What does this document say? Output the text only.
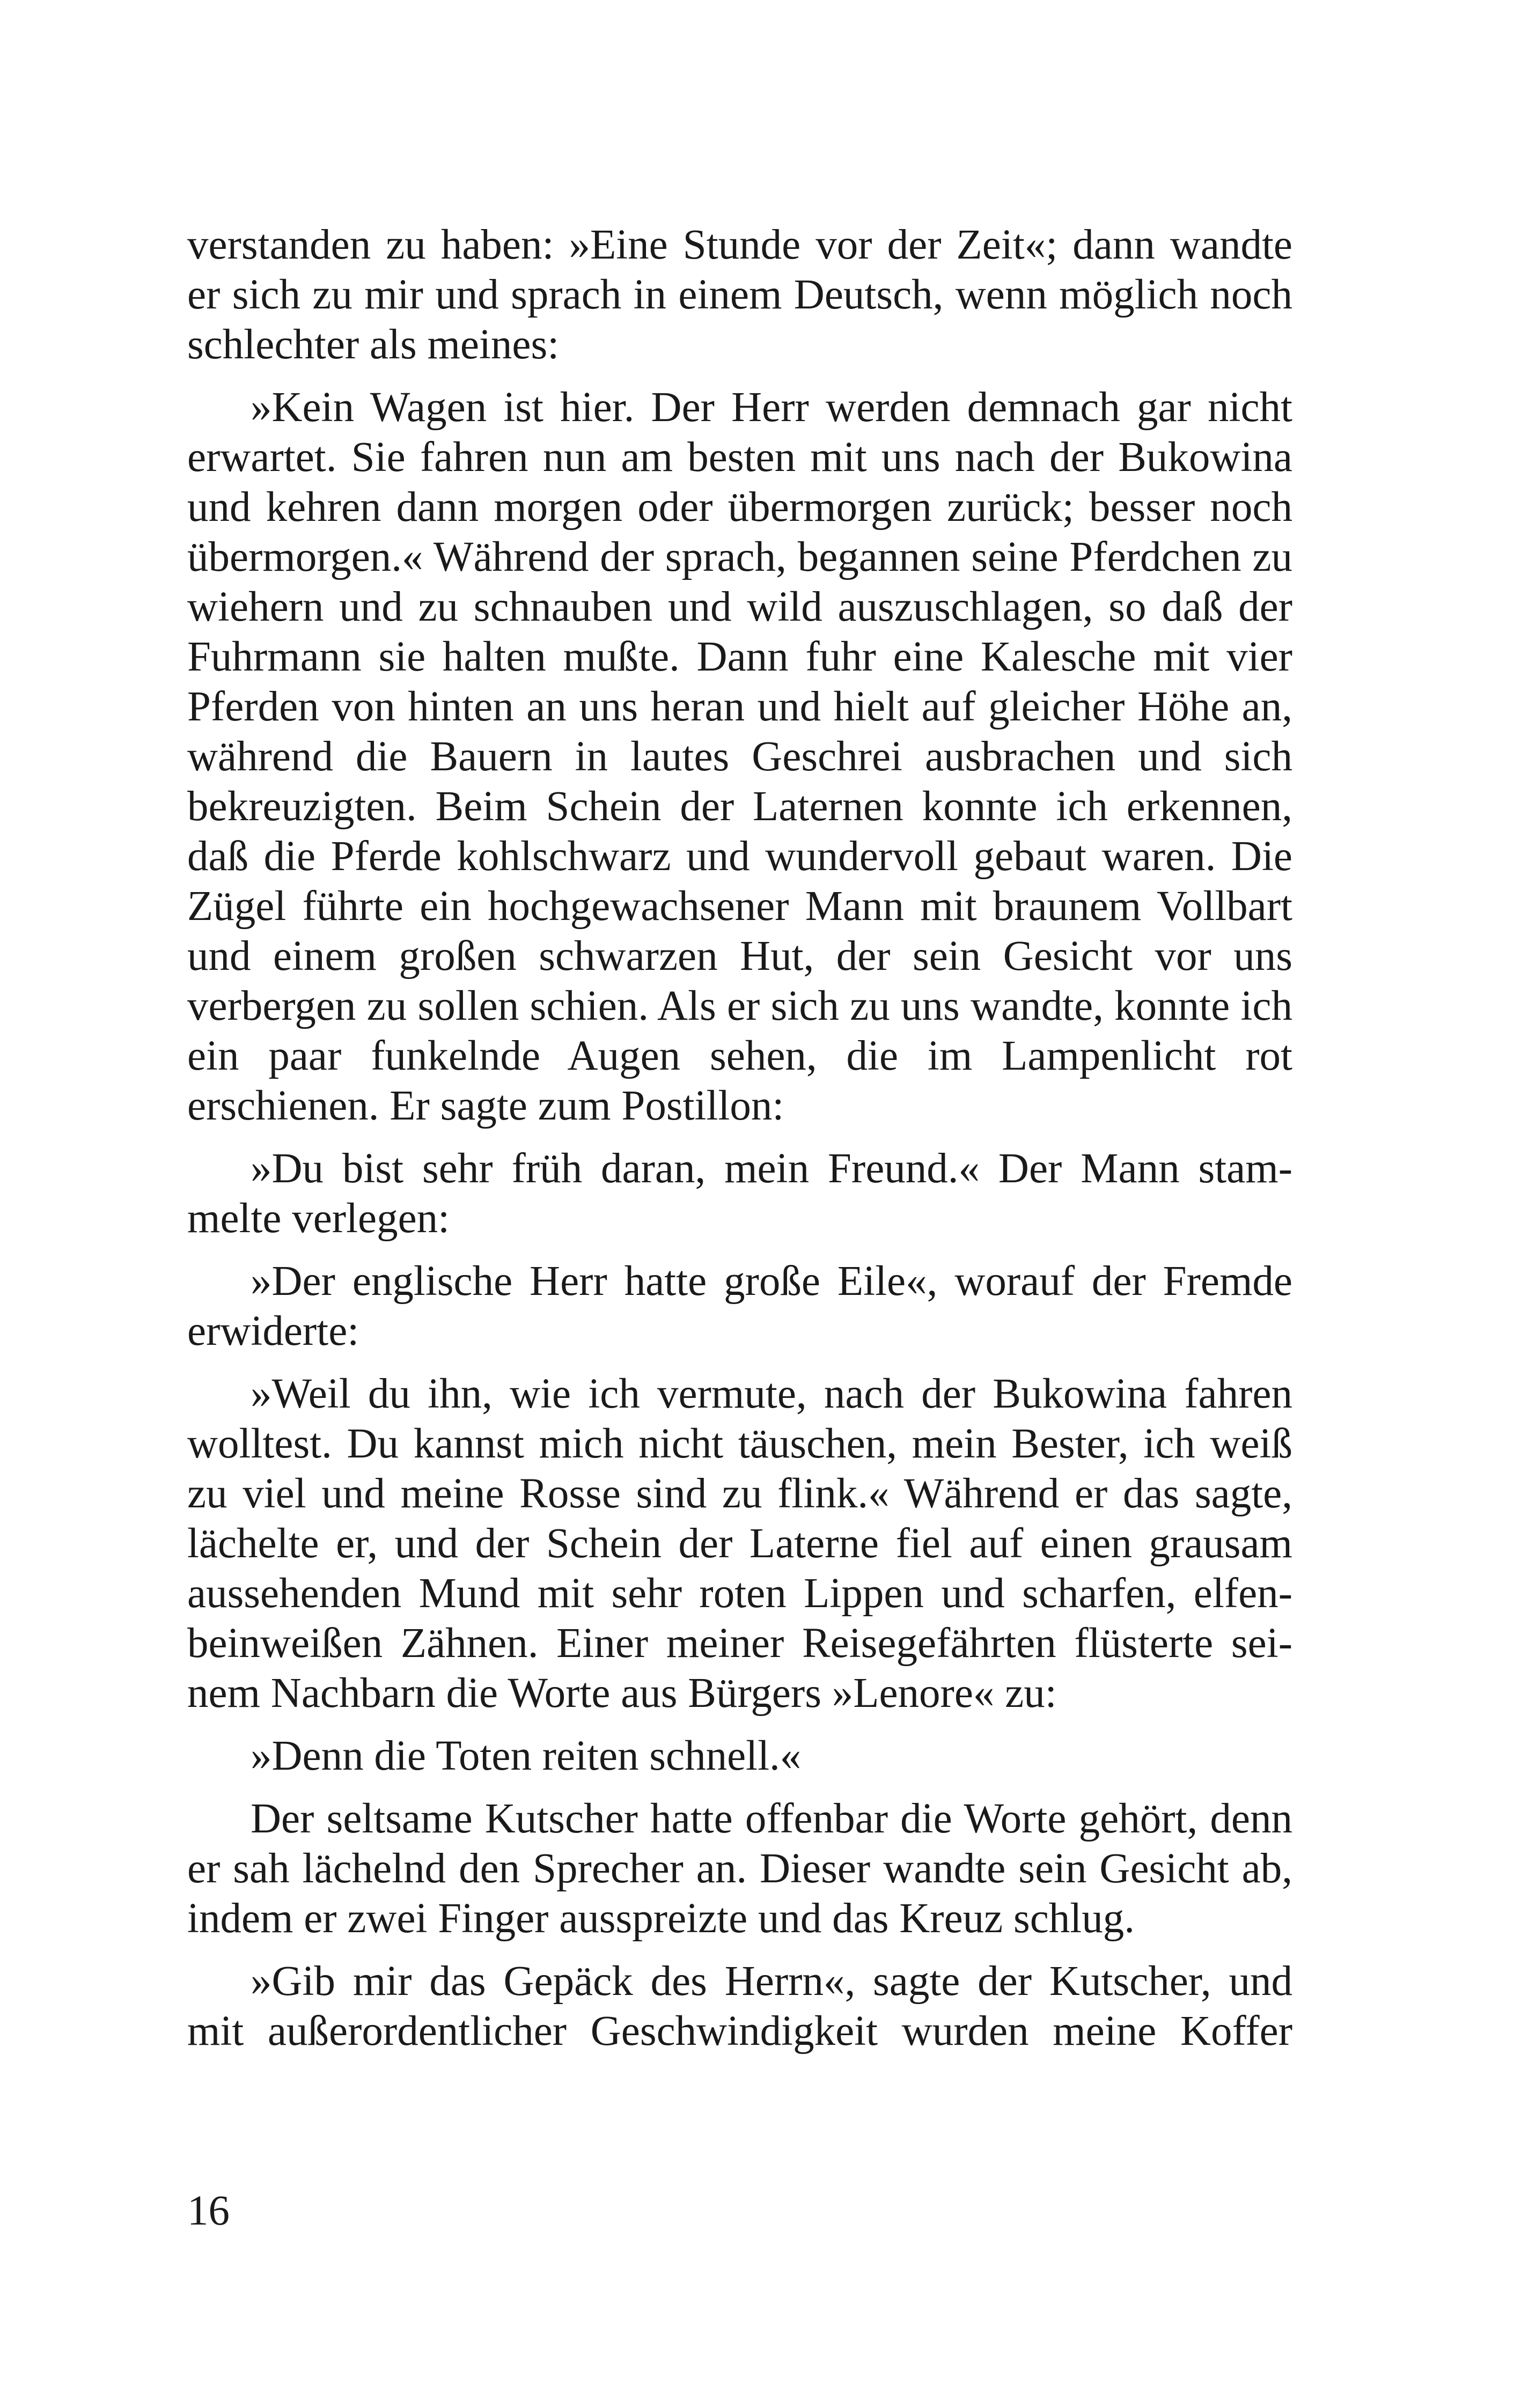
verstanden zu haben: »Eine Stunde vor der Zeit«; dann wandte er sich zu mir und sprach in einem Deutsch, wenn möglich noch schlechter als meines:

»Kein Wagen ist hier. Der Herr werden demnach gar nicht erwartet. Sie fahren nun am besten mit uns nach der Bukowina und kehren dann morgen oder übermorgen zurück; besser noch übermorgen.« Während der sprach, begannen seine Pferdchen zu wiehern und zu schnauben und wild auszuschlagen, so daß der Fuhrmann sie halten mußte. Dann fuhr eine Kalesche mit vier Pferden von hinten an uns heran und hielt auf gleicher Höhe an, während die Bauern in lautes Geschrei ausbrachen und sich bekreuzigten. Beim Schein der Laternen konnte ich erkennen, daß die Pferde kohlschwarz und wundervoll gebaut waren. Die Zügel führte ein hochgewachsener Mann mit braunem Vollbart und einem großen schwarzen Hut, der sein Gesicht vor uns verbergen zu sollen schien. Als er sich zu uns wandte, konnte ich ein paar funkelnde Augen sehen, die im Lampenlicht rot erschienen. Er sagte zum Postillon:

»Du bist sehr früh daran, mein Freund.« Der Mann stammelte verlegen:

»Der englische Herr hatte große Eile«, worauf der Fremde erwiderte:

»Weil du ihn, wie ich vermute, nach der Bukowina fahren wolltest. Du kannst mich nicht täuschen, mein Bester, ich weiß zu viel und meine Rosse sind zu flink.« Während er das sagte, lächelte er, und der Schein der Laterne fiel auf einen grausam aussehenden Mund mit sehr roten Lippen und scharfen, elfenbeinweißen Zähnen. Einer meiner Reisegefährten flüsterte seinem Nachbarn die Worte aus Bürgers »Lenore« zu:

»Denn die Toten reiten schnell.«

Der seltsame Kutscher hatte offenbar die Worte gehört, denn er sah lächelnd den Sprecher an. Dieser wandte sein Gesicht ab, indem er zwei Finger ausspreizte und das Kreuz schlug.

»Gib mir das Gepäck des Herrn«, sagte der Kutscher, und mit außerordentlicher Geschwindigkeit wurden meine Koffer

16
